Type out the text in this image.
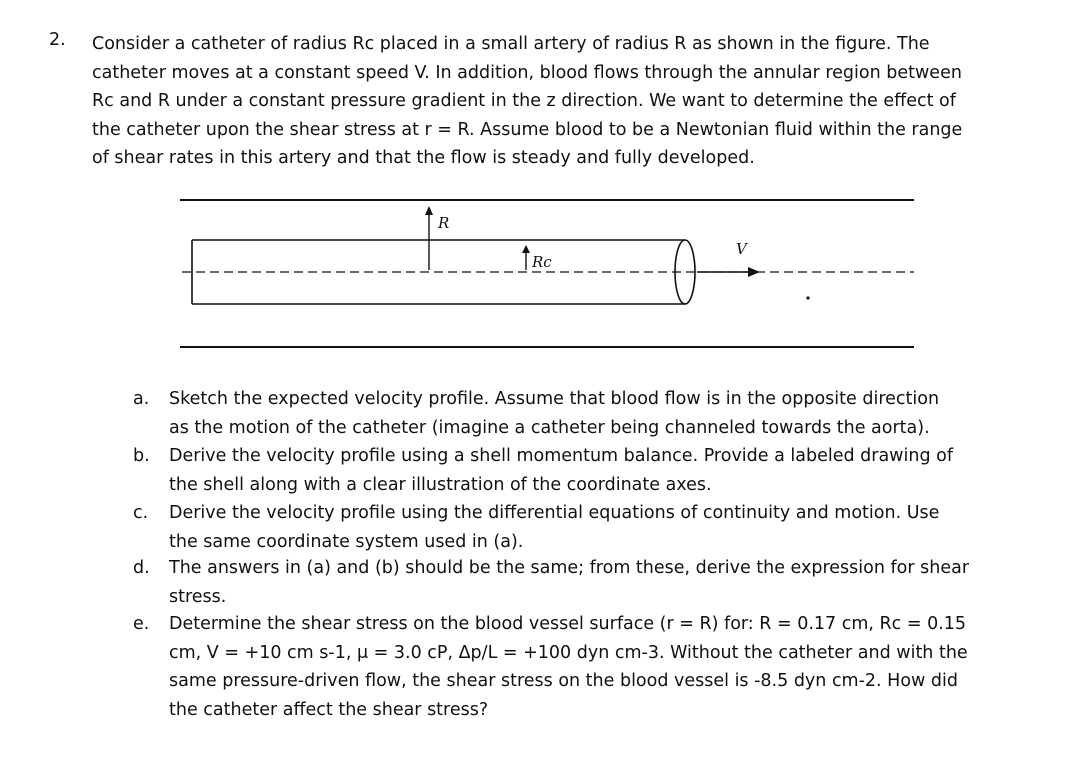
2. Consider a catheter of radius Rc placed in a small artery of radius R as shown in the figure. The

catheter moves at a constant speed V. In addition, blood flows through the annular region between

Rc and R under a constant pressure gradient in the z direction. We want to determine the effect of

the catheter upon the shear stress at r = R. Assume blood to be a Newtonian fluid within the range

of shear rates in this artery and that the flow is steady and fully developed.

R
Rc
V
a. Sketch the expected velocity profile. Assume that blood flow is in the opposite direction

as the motion of the catheter (imagine a catheter being channeled towards the aorta).

b. Derive the velocity profile using a shell momentum balance. Provide a labeled drawing of

the shell along with a clear illustration of the coordinate axes.

c. Derive the velocity profile using the differential equations of continuity and motion. Use

the same coordinate system used in (a).

d. The answers in (a) and (b) should be the same; from these, derive the expression for shear

stress.

e. Determine the shear stress on the blood vessel surface (r = R) for: R = 0.17 cm, Rc = 0.15

cm, V = +10 cm s-1, μ = 3.0 cP, Δp/L = +100 dyn cm-3. Without the catheter and with the

same pressure-driven flow, the shear stress on the blood vessel is -8.5 dyn cm-2. How did

the catheter affect the shear stress?
